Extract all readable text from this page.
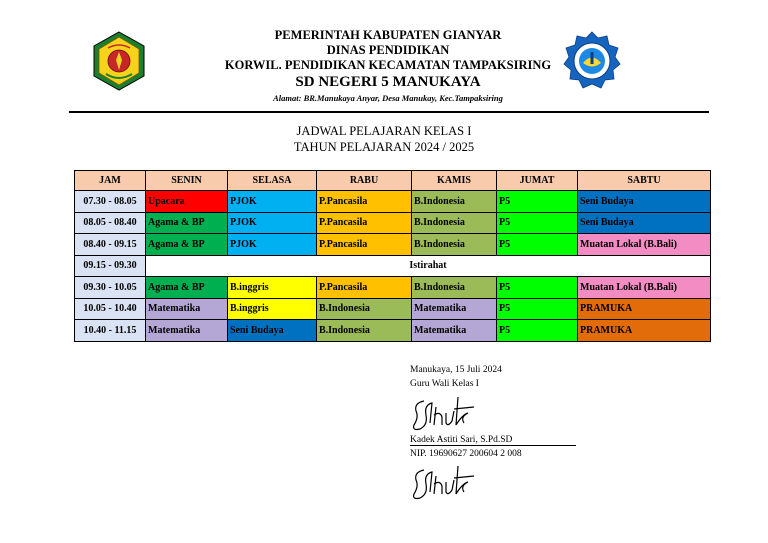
PEMERINTAH KABUPATEN GIANYAR
DINAS PENDIDIKAN
KORWIL. PENDIDIKAN KECAMATAN TAMPAKSIRING
SD NEGERI 5 MANUKAYA
Alamat: BR.Manukaya Anyar, Desa Manukay, Kec.Tampaksiring
JADWAL PELAJARAN KELAS I
TAHUN PELAJARAN 2024 / 2025
JAM	SENIN	SELASA	RABU	KAMIS	JUMAT	SABTU
07.30 - 08.05	Upacara	PJOK	P.Pancasila	B.Indonesia	P5	Seni Budaya
08.05 - 08.40	Agama & BP	PJOK	P.Pancasila	B.Indonesia	P5	Seni Budaya
08.40 - 09.15	Agama & BP	PJOK	P.Pancasila	B.Indonesia	P5	Muatan Lokal (B.Bali)
09.15 - 09.30	Istirahat					
09.30 - 10.05	Agama & BP	B.inggris	P.Pancasila	B.Indonesia	P5	Muatan Lokal (B.Bali)
10.05 - 10.40	Matematika	B.inggris	B.Indonesia	Matematika	P5	PRAMUKA
10.40 - 11.15	Matematika	Seni Budaya	B.Indonesia	Matematika	P5	PRAMUKA
Manukaya, 15 Juli 2024
Guru Wali Kelas I
Kadek Astiti Sari, S.Pd.SD
NIP. 19690627 200604 2 008
